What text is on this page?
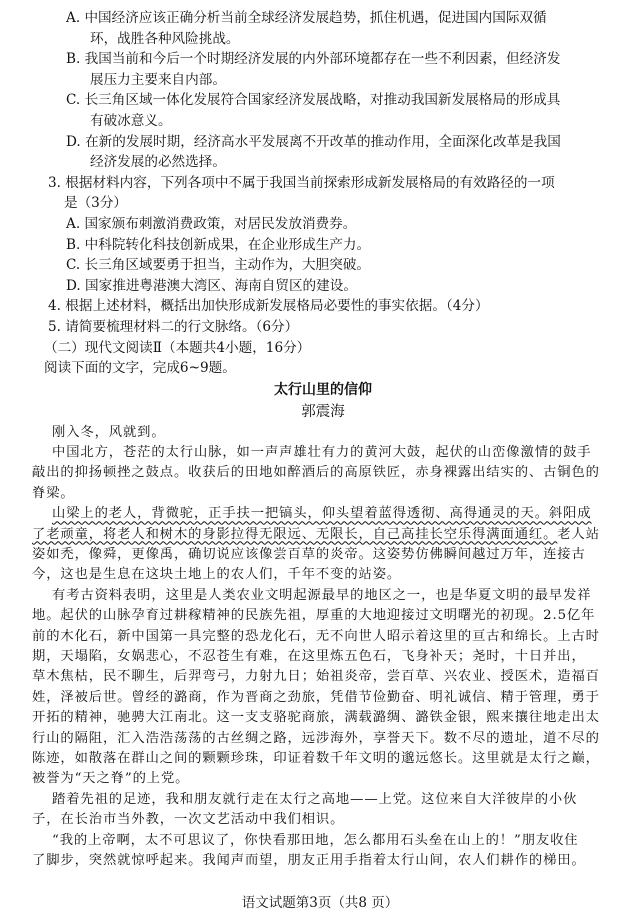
A. 中国经济应该正确分析当前全球经济发展趋势，抓住机遇，促进国内国际双循
环，战胜各种风险挑战。
B. 我国当前和今后一个时期经济发展的内外部环境都存在一些不利因素，但经济发
展压力主要来自内部。
C. 长三角区域一体化发展符合国家经济发展战略，对推动我国新发展格局的形成具
有破冰意义。
D. 在新的发展时期，经济高水平发展离不开改革的推动作用，全面深化改革是我国
经济发展的必然选择。
3. 根据材料内容，下列各项中不属于我国当前探索形成新发展格局的有效路径的一项
是（3分）
A. 国家颁布刺激消费政策，对居民发放消费券。
B. 中科院转化科技创新成果，在企业形成生产力。
C. 长三角区域要勇于担当，主动作为，大胆突破。
D. 国家推进粤港澳大湾区、海南自贸区的建设。
4. 根据上述材料，概括出加快形成新发展格局必要性的事实依据。（4分）
5. 请简要梳理材料二的行文脉络。（6分）
（二）现代文阅读Ⅱ（本题共4小题，16分）
阅读下面的文字，完成6~9题。
太行山里的信仰
郭震海
刚入冬，风就到。
中国北方，苍茫的太行山脉，如一声声雄壮有力的黄河大鼓，起伏的山峦像激情的鼓手
敲出的抑扬顿挫之鼓点。收获后的田地如醉酒后的高原铁匠，赤身裸露出结实的、古铜色的
脊梁。
山梁上的老人，背微驼，正手扶一把镐头，仰头望着蓝得透彻、高得通灵的天。斜阳成
了老顽童，将老人和树木的身影拉得无限远、无限长，自己高挂长空乐得满面通红。老人站
姿如禿，像舜，更像禹，确切说应该像尝百草的炎帝。这姿势仿佛瞬间越过万年，连接古
今，这也是生息在这块土地上的农人们，千年不变的站姿。
有考古资料表明，这里是人类农业文明起源最早的地区之一，也是华夏文明的最早发祥
地。起伏的山脉孕育过耕稼精神的民族先祖，厚重的大地迎接过文明曙光的初现。2.5亿年
前的木化石，新中国第一具完整的恐龙化石，无不向世人昭示着这里的亘古和绵长。上古时
期，天塌陷，女娲悲心，不忍苍生有难，在这里炼五色石，飞身补天；尧时，十日并出，
草木焦枯，民不聊生，后羿弯弓，力射九日；始祖炎帝，尝百草、兴农业、授医术，造福百
姓，泽被后世。曾经的潞商，作为晋商之劲旅，凭借节俭勤奋、明礼诚信、精于管理，勇于
开拓的精神，驰骋大江南北。这一支支骆驼商旅，满载潞绸、潞铁金银，熙来攘往地走出太
行山的隔阻，汇入浩浩荡荡的古丝绸之路，远涉海外，享誉天下。数不尽的遗址，道不尽的
陈迹，如散落在群山之间的颗颗珍珠，印证着数千年文明的邈远悠长。这里就是太行之巅，
被誉为“天之脊”的上党。
踏着先祖的足迹，我和朋友就行走在太行之高地——上党。这位来自大洋彼岸的小伙
子，在长治市当外教，一次文艺活动中我们相识。
“我的上帝啊，太不可思议了，你快看那田地，怎么都用石头垒在山上的！”朋友收住
了脚步，突然就惊呼起来。我闻声而望，朋友正用手指着太行山间，农人们耕作的梯田。
语文试题第3页（共8 页）
